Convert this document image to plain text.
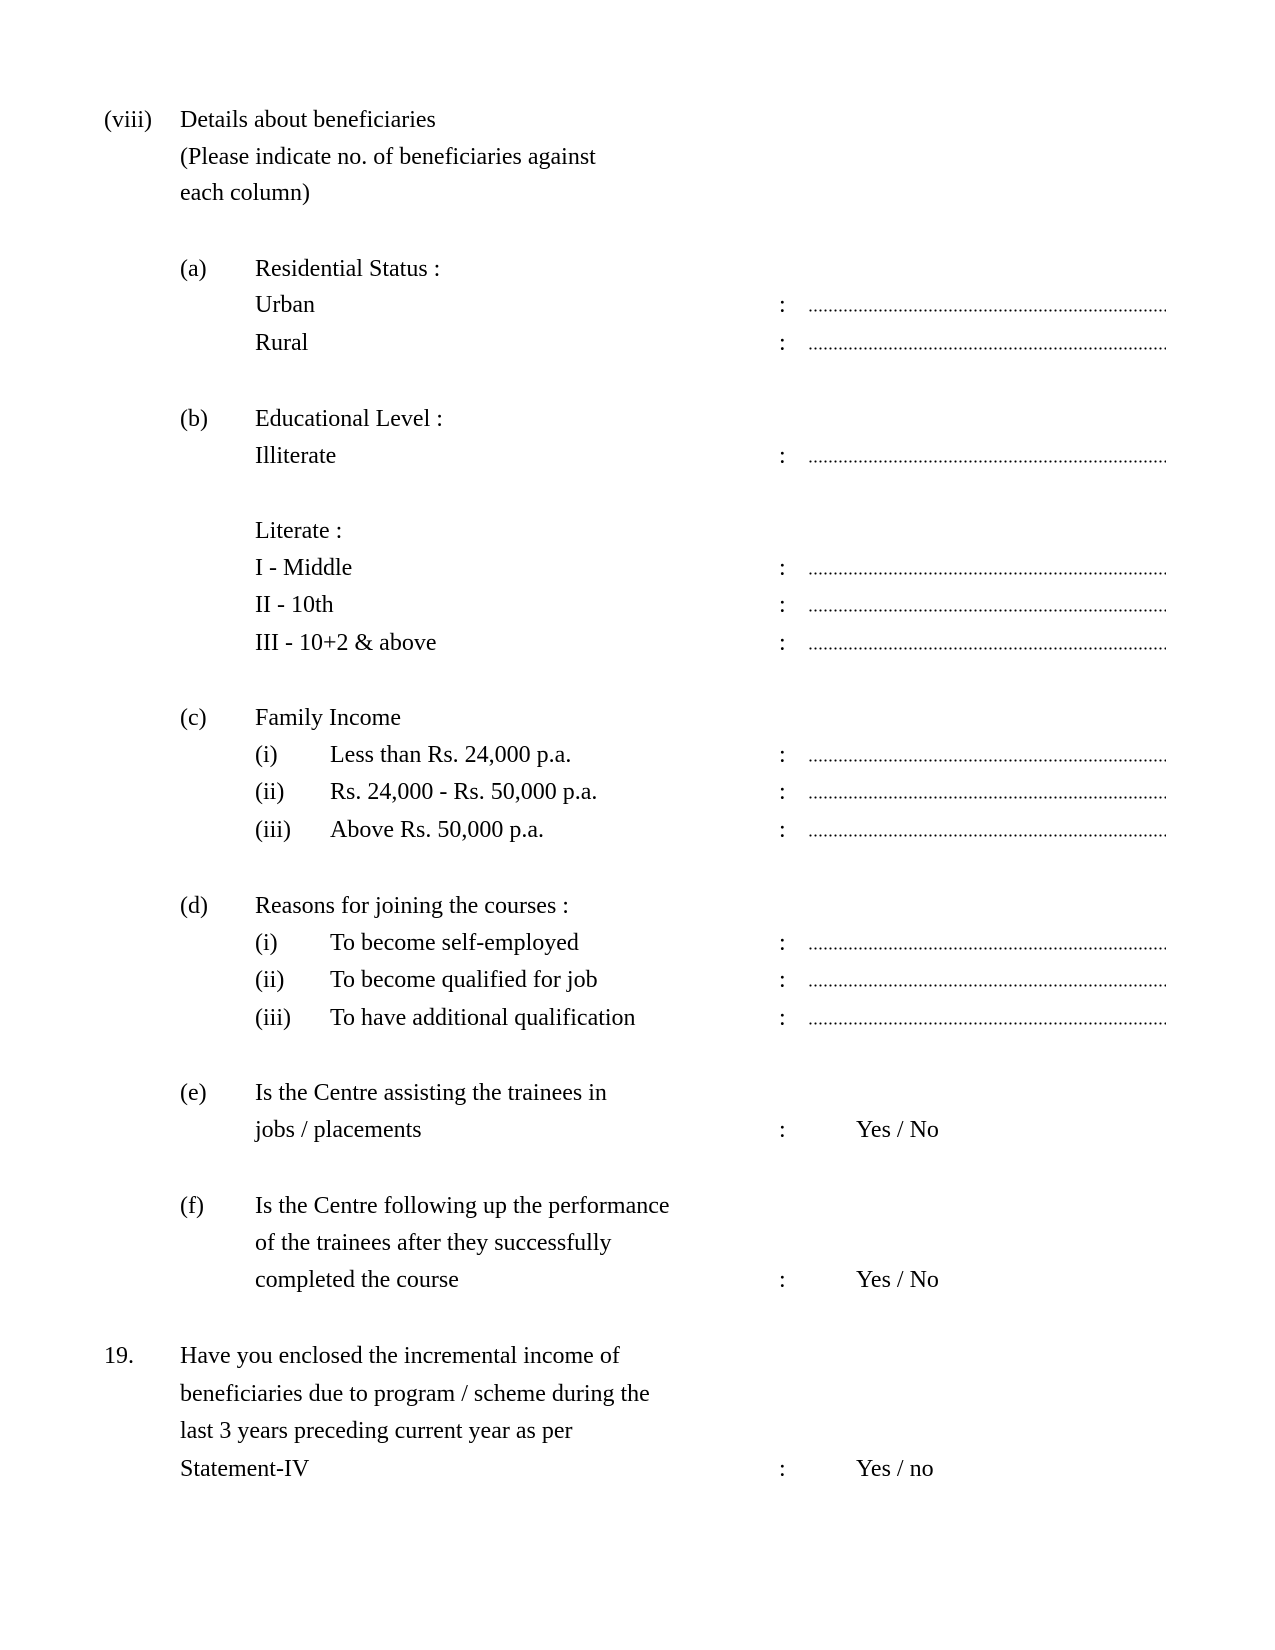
(viii) Details about beneficiaries
(Please indicate no. of beneficiaries against
each column)
(a) Residential Status :
Urban	:
Rural	:
(b) Educational Level :
Illiterate	:
Literate :
I - Middle	:
II - 10th	:
III - 10+2 & above	:
(c) Family Income
(i) Less than Rs. 24,000 p.a.	:
(ii) Rs. 24,000 - Rs. 50,000 p.a.	:
(iii) Above Rs. 50,000 p.a.	:
(d) Reasons for joining the courses :
(i) To become self-employed	:
(ii) To become qualified for job	:
(iii) To have additional qualification	:
(e) Is the Centre assisting the trainees in
jobs / placements	:	Yes / No
(f) Is the Centre following up the performance
of the trainees after they successfully
completed the course	:	Yes / No
19. Have you enclosed the incremental income of
beneficiaries due to program / scheme during the
last 3 years preceding current year as per
Statement-IV	:	Yes / no
